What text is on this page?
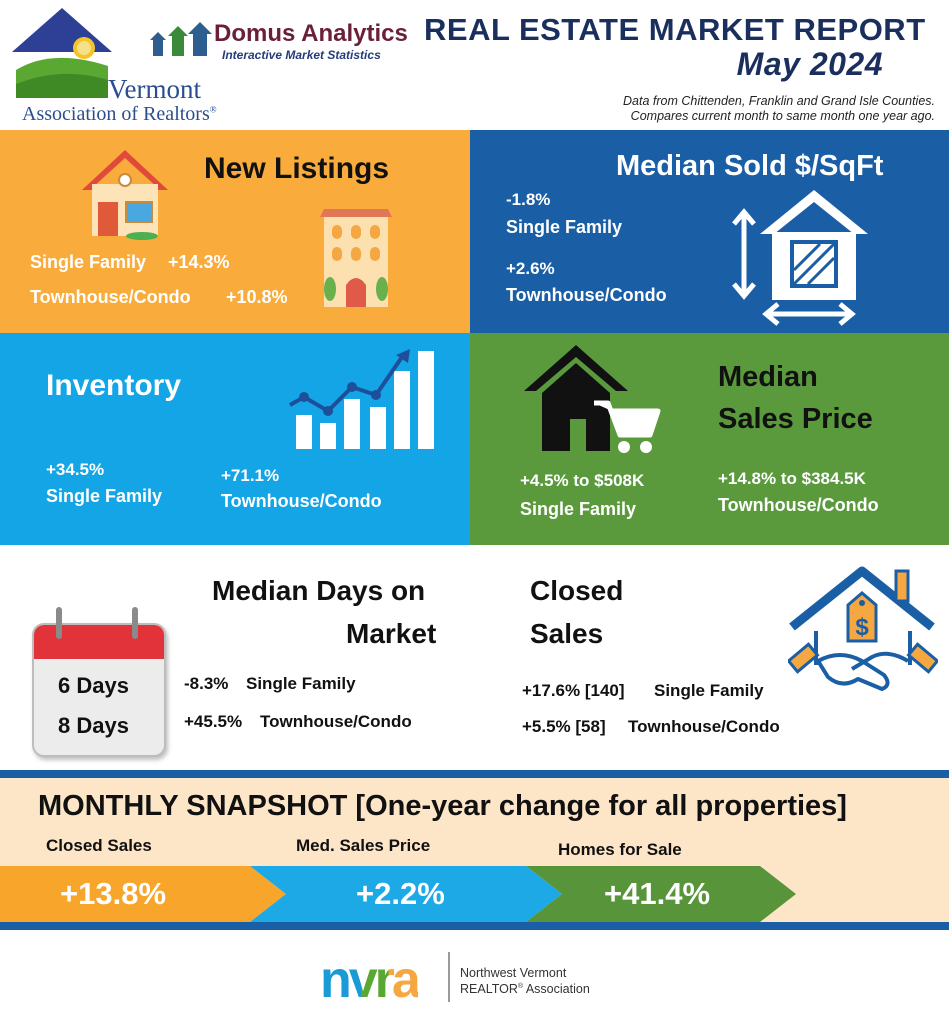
Vermont
Association of Realtors®
Domus Analytics
Interactive Market Statistics
REAL ESTATE MARKET REPORT
May 2024
Data from Chittenden, Franklin and Grand Isle Counties.
Compares current month to same month one year ago.
New Listings
Single Family +14.3%
Townhouse/Condo +10.8%
Median Sold $/SqFt
-1.8%
Single Family
+2.6%
Townhouse/Condo
Inventory
+34.5%
Single Family
+71.1%
Townhouse/Condo
Median
Sales Price
+4.5% to $508K
Single Family
+14.8% to $384.5K
Townhouse/Condo
6 Days
8 Days
Median Days on
Market
-8.3% Single Family
+45.5% Townhouse/Condo
Closed
Sales
+17.6% [140] Single Family
+5.5% [58] Townhouse/Condo
$
MONTHLY SNAPSHOT [One-year change for all properties]
Closed Sales	Med. Sales Price	Homes for Sale
+13.8%	+2.2%	+41.4%
nvra	Northwest Vermont
REALTOR® Association
